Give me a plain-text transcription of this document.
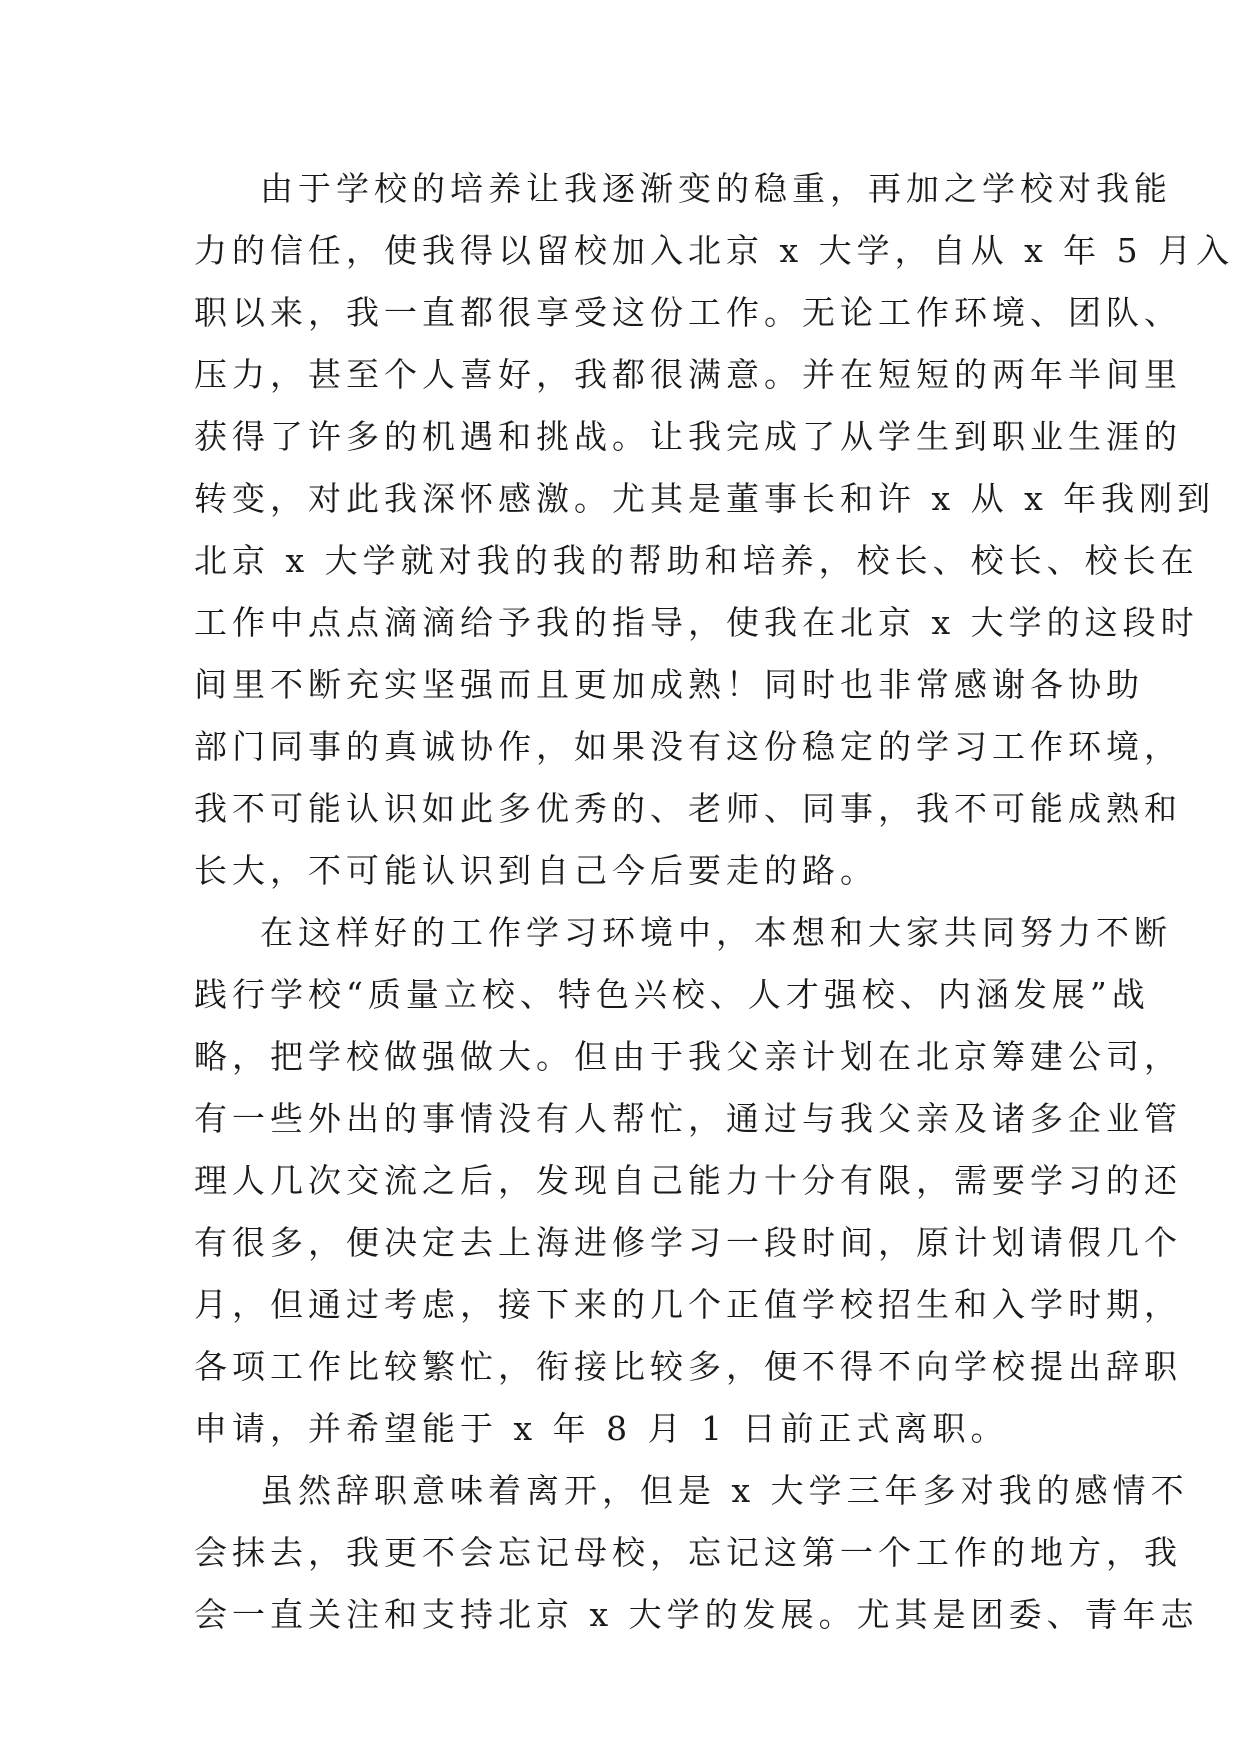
由于学校的培养让我逐渐变的稳重，再加之学校对我能
力的信任，使我得以留校加入北京 x 大学，自从 x 年 5 月入
职以来，我一直都很享受这份工作。无论工作环境、团队、
压力，甚至个人喜好，我都很满意。并在短短的两年半间里
获得了许多的机遇和挑战。让我完成了从学生到职业生涯的
转变，对此我深怀感激。尤其是董事长和许 x 从 x 年我刚到
北京 x 大学就对我的我的帮助和培养，校长、校长、校长在
工作中点点滴滴给予我的指导，使我在北京 x 大学的这段时
间里不断充实坚强而且更加成熟！同时也非常感谢各协助
部门同事的真诚协作，如果没有这份稳定的学习工作环境，
我不可能认识如此多优秀的、老师、同事，我不可能成熟和
长大，不可能认识到自己今后要走的路。
在这样好的工作学习环境中，本想和大家共同努力不断
践行学校“质量立校、特色兴校、人才强校、内涵发展”战
略，把学校做强做大。但由于我父亲计划在北京筹建公司，
有一些外出的事情没有人帮忙，通过与我父亲及诸多企业管
理人几次交流之后，发现自己能力十分有限，需要学习的还
有很多，便决定去上海进修学习一段时间，原计划请假几个
月，但通过考虑，接下来的几个正值学校招生和入学时期，
各项工作比较繁忙，衔接比较多，便不得不向学校提出辞职
申请，并希望能于 x 年 8 月 1 日前正式离职。
虽然辞职意味着离开，但是 x 大学三年多对我的感情不
会抹去，我更不会忘记母校，忘记这第一个工作的地方，我
会一直关注和支持北京 x 大学的发展。尤其是团委、青年志
